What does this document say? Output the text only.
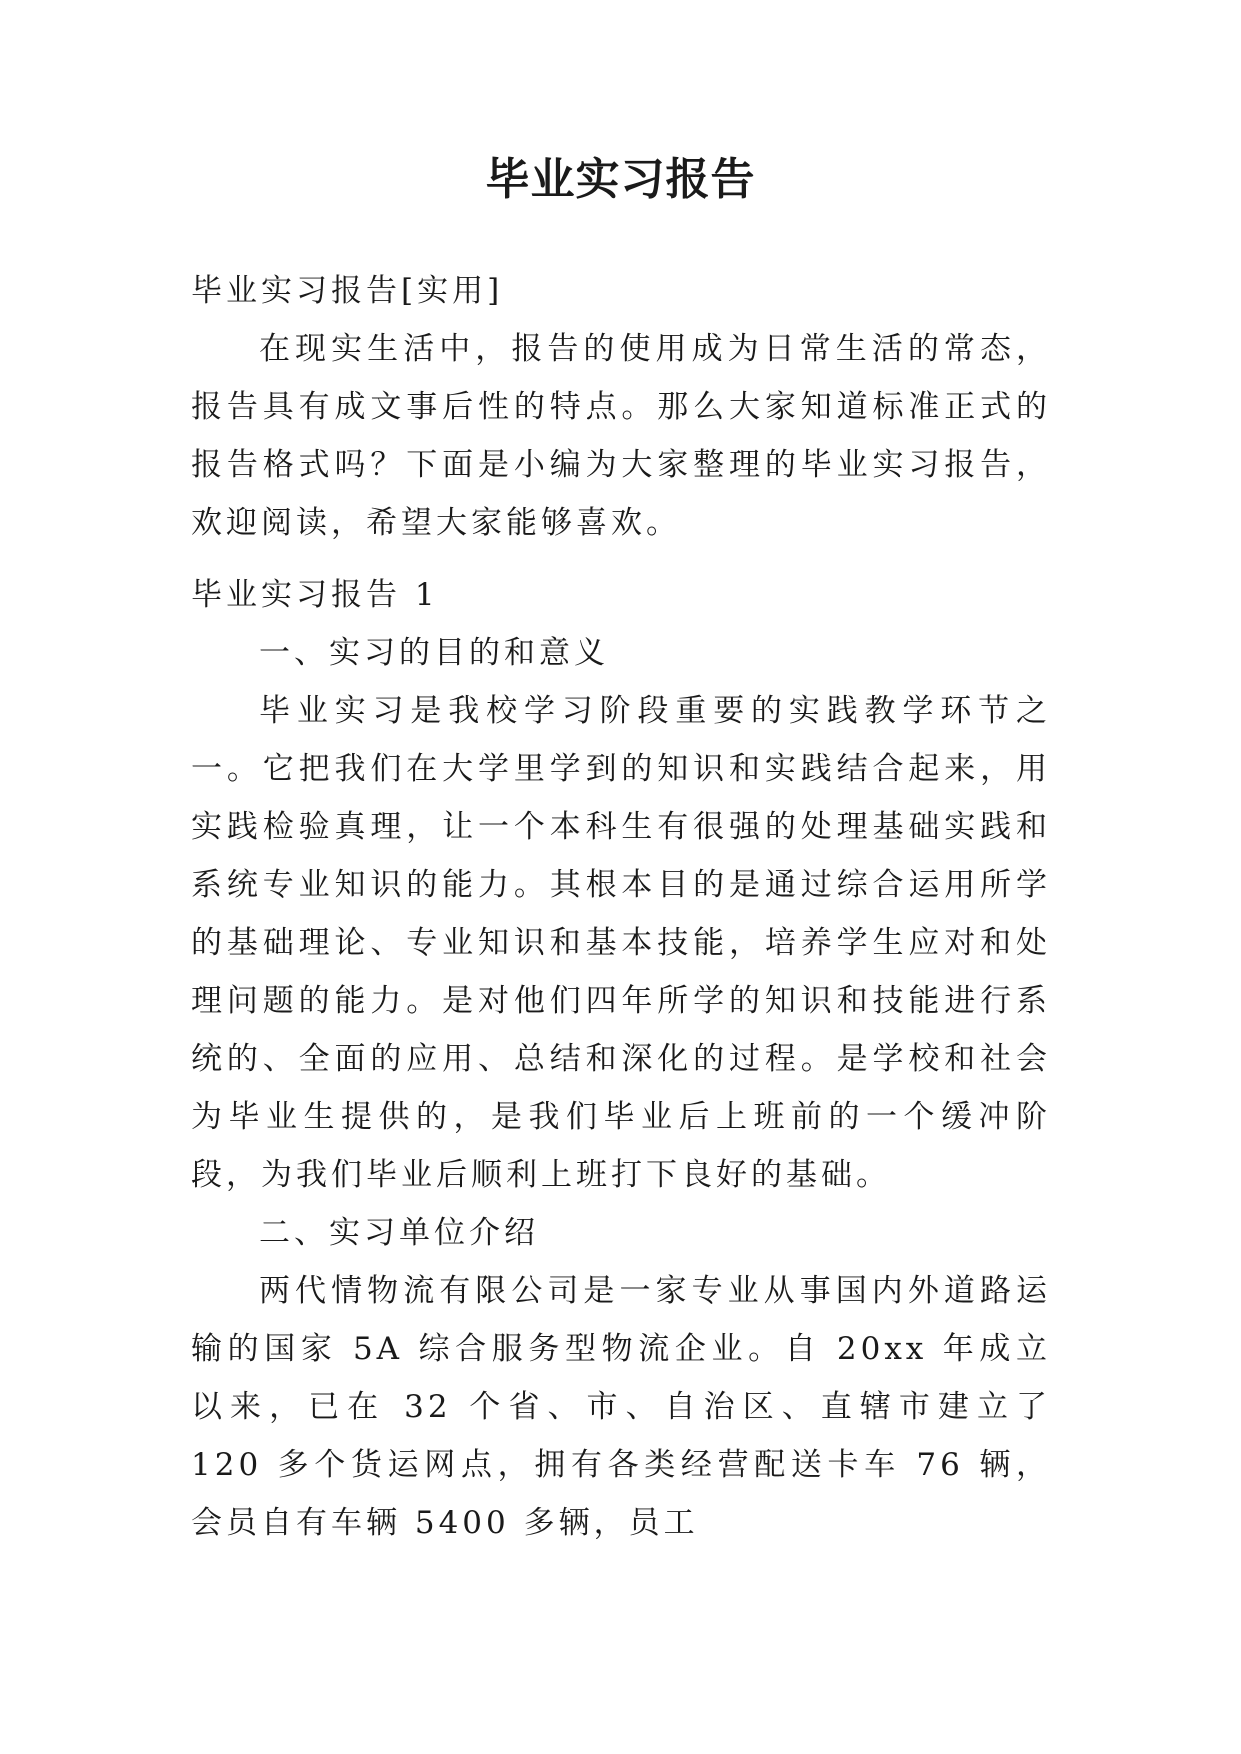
毕业实习报告

毕业实习报告[实用]

在现实生活中，报告的使用成为日常生活的常态，报告具有成文事后性的特点。那么大家知道标准正式的报告格式吗？下面是小编为大家整理的毕业实习报告，欢迎阅读，希望大家能够喜欢。

毕业实习报告 1

一、实习的目的和意义

毕业实习是我校学习阶段重要的实践教学环节之一。它把我们在大学里学到的知识和实践结合起来，用实践检验真理，让一个本科生有很强的处理基础实践和系统专业知识的能力。其根本目的是通过综合运用所学的基础理论、专业知识和基本技能，培养学生应对和处理问题的能力。是对他们四年所学的知识和技能进行系统的、全面的应用、总结和深化的过程。是学校和社会为毕业生提供的，是我们毕业后上班前的一个缓冲阶段，为我们毕业后顺利上班打下良好的基础。

二、实习单位介绍

两代情物流有限公司是一家专业从事国内外道路运输的国家 5A 综合服务型物流企业。自 20xx 年成立以来，已在 32 个省、市、自治区、直辖市建立了 120 多个货运网点，拥有各类经营配送卡车 76 辆，会员自有车辆 5400 多辆，员工
